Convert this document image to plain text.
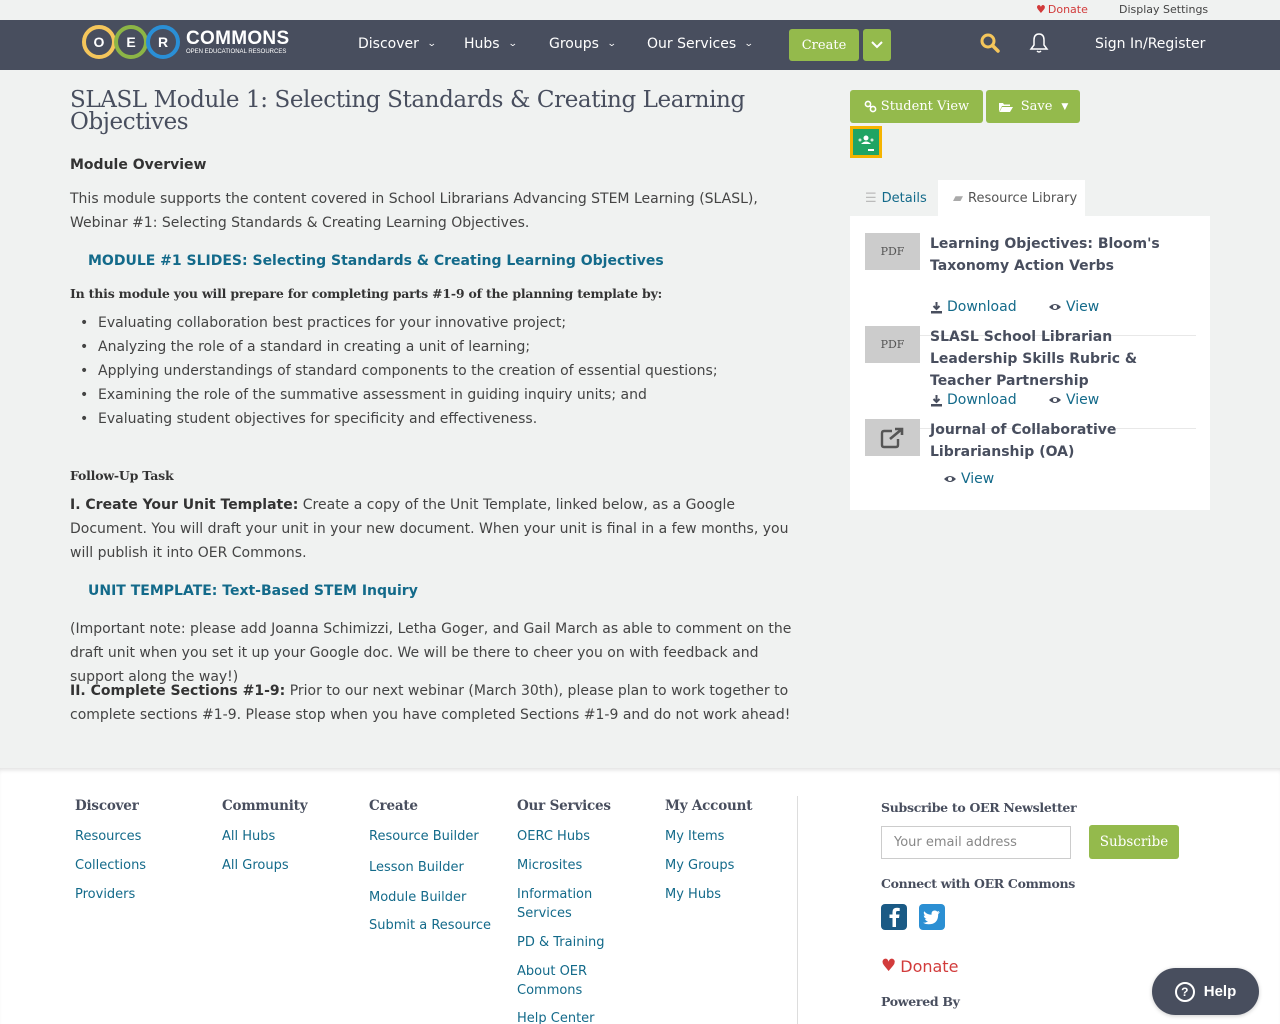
♥ Donate	Display Settings
O	E	R COMMONS
OPEN EDUCATIONAL RESOURCES	Discover ⌄ Hubs ⌄ Groups ⌄ Our Services ⌄	Create	Sign In/Register
SLASL Module 1: Selecting Standards & Creating Learning Objectives
Module Overview

This module supports the content covered in School Librarians Advancing STEM Learning (SLASL), Webinar #1: Selecting Standards & Creating Learning Objectives.

MODULE #1 SLIDES: Selecting Standards & Creating Learning Objectives
In this module you will prepare for completing parts #1-9 of the planning template by:
• Evaluating collaboration best practices for your innovative project;
• Analyzing the role of a standard in creating a unit of learning;
• Applying understandings of standard components to the creation of essential questions;
• Examining the role of the summative assessment in guiding inquiry units; and
• Evaluating student objectives for specificity and effectiveness.
Follow-Up Task

I. Create Your Unit Template: Create a copy of the Unit Template, linked below, as a Google Document. You will draft your unit in your new document. When your unit is final in a few months, you will publish it into OER Commons.

UNIT TEMPLATE: Text-Based STEM Inquiry

(Important note: please add Joanna Schimizzi, Letha Goger, and Gail March as able to comment on the draft unit when you set it up your Google doc. We will be there to cheer you on with feedback and support along the way!)

II. Complete Sections #1-9: Prior to our next webinar (March 30th), please plan to work together to complete sections #1-9. Please stop when you have completed Sections #1-9 and do not work ahead!

Student View	Save ▼
☰ Details ▰ Resource Library
PDF	Learning Objectives: Bloom's Taxonomy Action Verbs
Download	View
PDF	SLASL School Librarian Leadership Skills Rubric & Teacher Partnership
Download	View
Journal of Collaborative Librarianship (OA)
View
Discover
Resources
Collections
Providers
Community
All Hubs
All Groups
Create
Resource Builder
Lesson Builder
Module Builder
Submit a Resource
Our Services
OERC Hubs
Microsites
Information Services
PD & Training
About OER Commons
Help Center
My Account
My Items
My Groups
My Hubs
Subscribe to OER Newsletter
Your email address
Subscribe
Connect with OER Commons
♥ Donate
Powered By
?	Help
